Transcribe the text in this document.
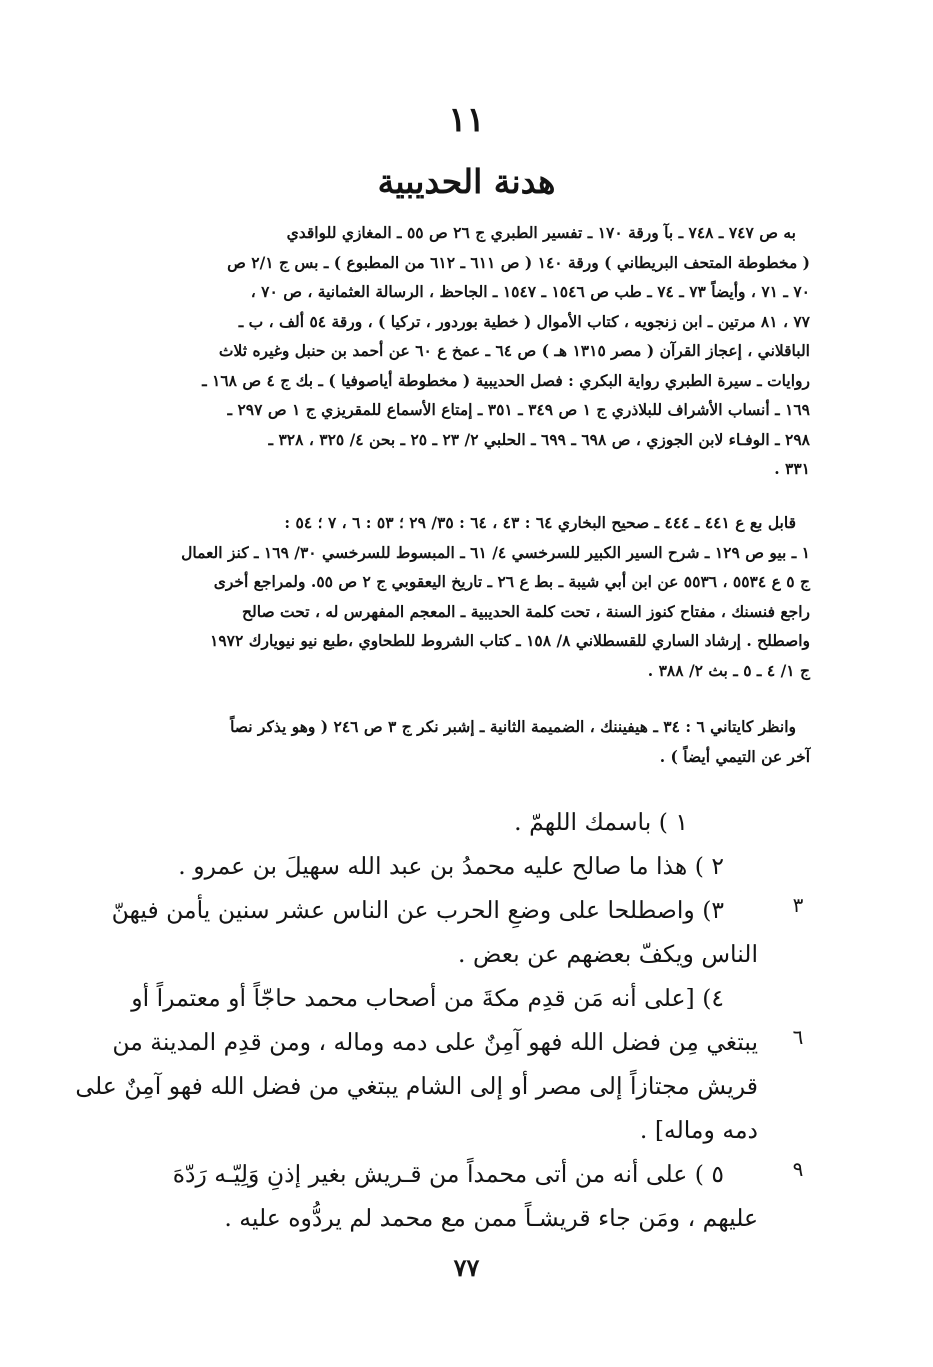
١١
هدنة الحديبية

به ص ٧٤٧ ـ ٧٤٨ ـ بآ ورقة ١٧٠ ـ تفسير الطبري ج ٢٦ ص ٥٥ ـ المغازي للواقدي

( مخطوطة المتحف البريطاني ) ورقة ١٤٠ ( ص ٦١١ ـ ٦١٢ من المطبوع ) ـ بس ج ٢/١ ص

٧٠ ـ ٧١ ، وأيضاً ٧٣ ـ ٧٤ ـ طب ص ١٥٤٦ ـ ١٥٤٧ ـ الجاحظ ، الرسالة العثمانية ، ص ٧٠ ،

٧٧ ، ٨١ مرتين ـ ابن زنجويه ، كتاب الأموال ( خطية بوردور ، تركيا ) ، ورقة ٥٤ ألف ، ب ـ

الباقلاني ، إعجاز القرآن ( مصر ١٣١٥ هـ ) ص ٦٤ ـ عمخ ع ٦٠ عن أحمد بن حنبل وغيره ثلاث

روايات ـ سيرة الطبري رواية البكري : فصل الحديبية ( مخطوطة أياصوفيا ) ـ بك ج ٤ ص ١٦٨ ـ

١٦٩ ـ أنساب الأشراف للبلاذري ج ١ ص ٣٤٩ ـ ٣٥١ ـ إمتاع الأسماع للمقريزي ج ١ ص ٢٩٧ ـ

٢٩٨ ـ الوفـاء لابن الجوزي ، ص ٦٩٨ ـ ٦٩٩ ـ الحلبي ٢/ ٢٣ ـ ٢٥ ـ بحن ٤/ ٣٢٥ ، ٣٢٨ ـ

٣٣١ .

قابل بع ع ٤٤١ ـ ٤٤٤ ـ صحيح البخاري ٦٤ : ٤٣ ، ٦٤ : ٣٥/ ٢٩ ؛ ٥٣ : ٦ ، ٧ ؛ ٥٤ :

١ ـ بيو ص ١٢٩ ـ شرح السير الكبير للسرخسي ٤/ ٦١ ـ المبسوط للسرخسي ٣٠/ ١٦٩ ـ كنز العمال

ج ٥ ع ٥٥٣٤ ، ٥٥٣٦ عن ابن أبي شيبة ـ بط ع ٢٦ ـ تاريخ اليعقوبي ج ٢ ص ٥٥. ولمراجع أخرى

راجع فنسنك ، مفتاح كنوز السنة ، تحت كلمة الحديبية ـ المعجم المفهرس له ، تحت صالح

واصطلح . إرشاد الساري للقسطلاني ٨/ ١٥٨ ـ كتاب الشروط للطحاوي ،طبع نيو نيويارك ١٩٧٢

ج ١/ ٤ ـ ٥ ـ بث ٢/ ٣٨٨ .

وانظر كايتاني ٦ : ٣٤ ـ هيفيننك ، الضميمة الثانية ـ إشبر نكر ج ٣ ص ٢٤٦ ( وهو يذكر نصاً

آخر عن التيمي أيضاً ) .

١ ) باسمك اللهمّ .
٢ ) هذا ما صالح عليه محمدُ بن عبد الله سهيلَ بن عمرو .
٣) واصطلحا على وضعِ الحرب عن الناس عشر سنين يأمن فيهنّ
الناس ويكفّ بعضهم عن بعض .
٤) [على أنه مَن قدِم مكةَ من أصحاب محمد حاجّاً أو معتمراً أو
يبتغي مِن فضل الله فهو آمِنٌ على دمه وماله ، ومن قدِم المدينة من
قريش مجتازاً إلى مصر أو إلى الشام يبتغي من فضل الله فهو آمِنٌ على
دمه وماله] .
٥ ) على أنه من أتى محمداً من قـريش بغير إذنِ وَلِيّـه رَدّهَ
عليهم ، ومَن جاء قريشـاً ممن مع محمد لم يردُّوه عليه .
٣
٦
٩
٧٧
